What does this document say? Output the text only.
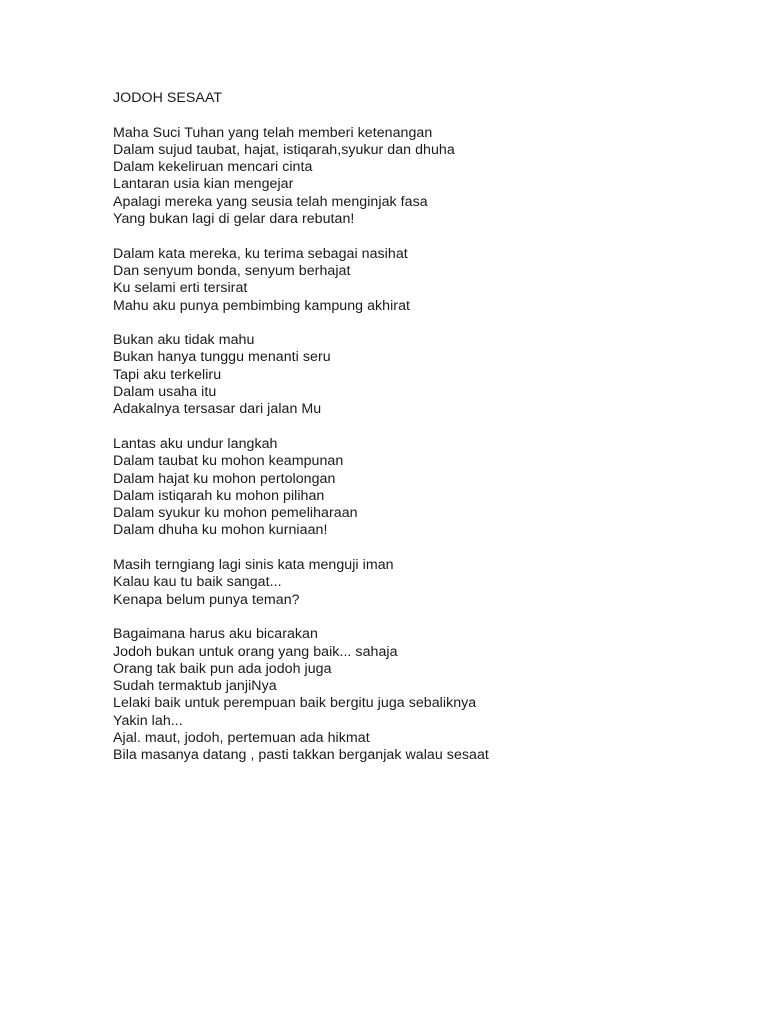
JODOH SESAAT
Maha Suci Tuhan yang telah memberi ketenangan
Dalam sujud taubat, hajat, istiqarah,syukur dan dhuha
Dalam kekeliruan mencari cinta
Lantaran usia kian mengejar
Apalagi mereka yang seusia telah menginjak fasa
Yang bukan lagi di gelar dara rebutan!
Dalam kata mereka, ku terima sebagai nasihat
Dan senyum bonda, senyum berhajat
Ku selami erti tersirat
Mahu aku punya pembimbing kampung akhirat
Bukan aku tidak mahu
Bukan hanya tunggu menanti seru
Tapi aku terkeliru
Dalam usaha itu
Adakalnya tersasar dari jalan Mu
Lantas aku undur langkah
Dalam taubat ku mohon keampunan
Dalam hajat ku mohon pertolongan
Dalam istiqarah ku mohon pilihan
Dalam syukur ku mohon pemeliharaan
Dalam dhuha ku mohon kurniaan!
Masih terngiang lagi sinis kata menguji iman
Kalau kau tu baik sangat...
Kenapa belum punya teman?
Bagaimana harus aku bicarakan
Jodoh bukan untuk orang yang baik... sahaja
Orang tak baik pun ada jodoh juga
Sudah termaktub janjiNya
Lelaki baik untuk perempuan baik bergitu juga sebaliknya
Yakin lah...
Ajal. maut, jodoh, pertemuan ada hikmat
Bila masanya datang , pasti takkan berganjak walau sesaat
